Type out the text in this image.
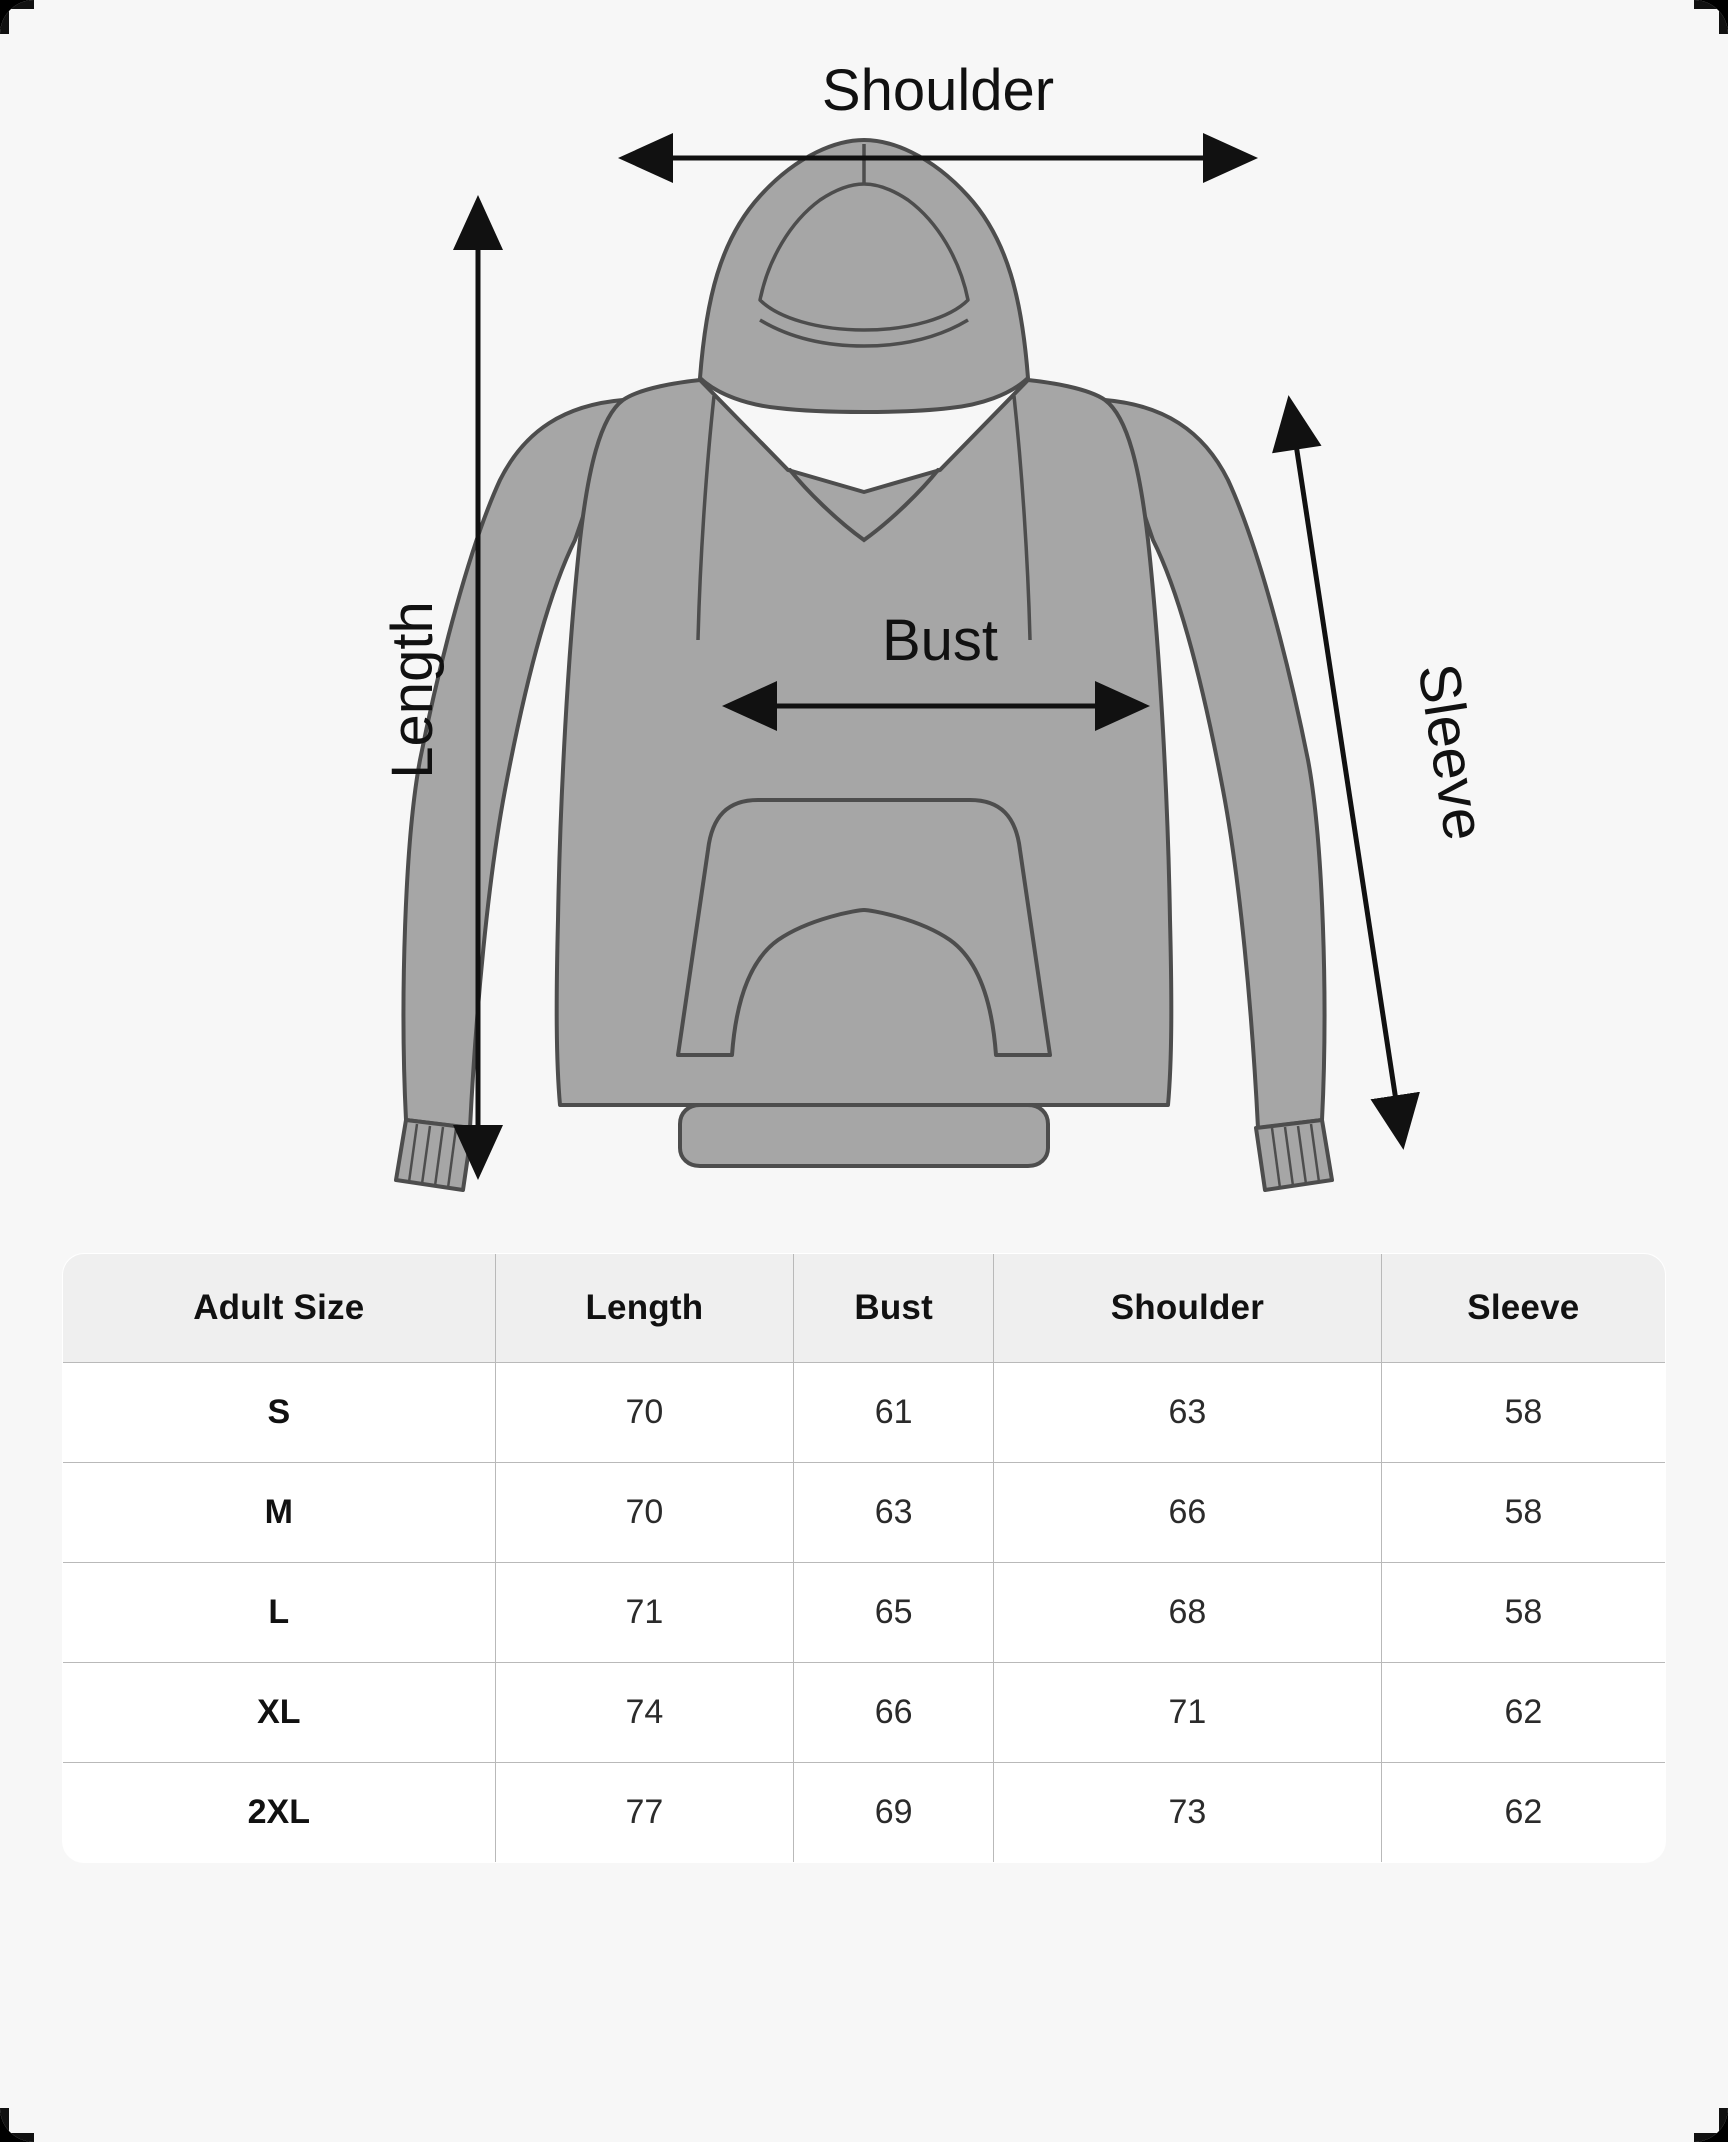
Shoulder
Length	Bust
Sleeve
Adult Size	Length	Bust	Shoulder	Sleeve
S	70	61	63	58
M	70	63	66	58
L	71	65	68	58
XL	74	66	71	62
2XL	77	69	73	62
